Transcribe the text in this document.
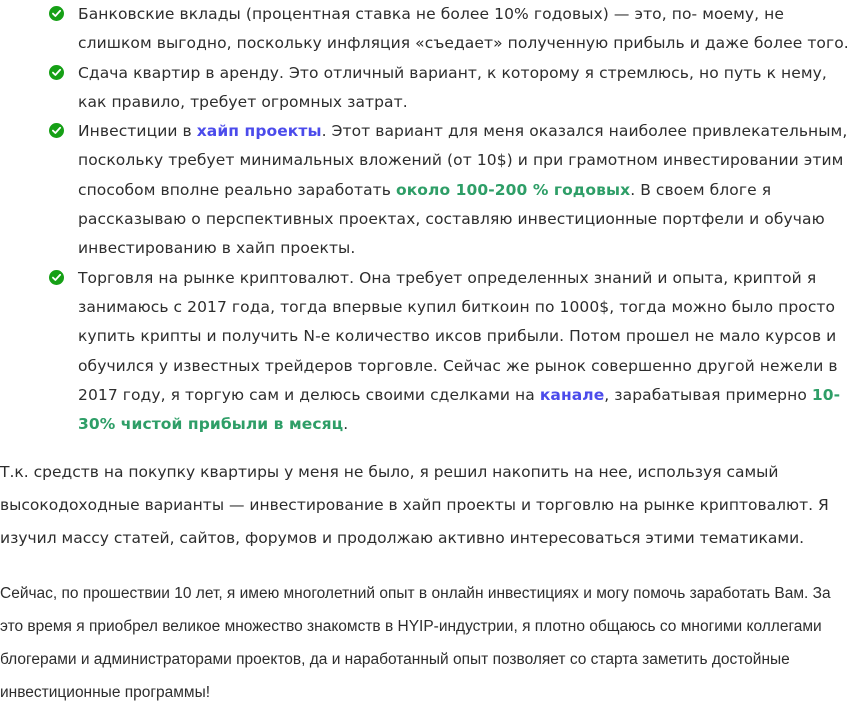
Банковские вклады (процентная ставка не более 10% годовых) — это, по- моему, не слишком выгодно, поскольку инфляция «съедает» полученную прибыль и даже более того.
Сдача квартир в аренду. Это отличный вариант, к которому я стремлюсь, но путь к нему, как правило, требует огромных затрат.
Инвестиции в хайп проекты. Этот вариант для меня оказался наиболее привлекательным, поскольку требует минимальных вложений (от 10$) и при грамотном инвестировании этим способом вполне реально заработать около 100-200 % годовых. В своем блоге я рассказываю о перспективных проектах, составляю инвестиционные портфели и обучаю инвестированию в хайп проекты.
Торговля на рынке криптовалют. Она требует определенных знаний и опыта, криптой я занимаюсь с 2017 года, тогда впервые купил биткоин по 1000$, тогда можно было просто купить крипты и получить N-е количество иксов прибыли. Потом прошел не мало курсов и обучился у известных трейдеров торговле. Сейчас же рынок совершенно другой нежели в 2017 году, я торгую сам и делюсь своими сделками на канале, зарабатывая примерно 10-30% чистой прибыли в месяц.

Т.к. средств на покупку квартиры у меня не было, я решил накопить на нее, используя самый высокодоходные варианты — инвестирование в хайп проекты и торговлю на рынке криптовалют. Я изучил массу статей, сайтов, форумов и продолжаю активно интересоваться этими тематиками.

Сейчас, по прошествии 10 лет, я имею многолетний опыт в онлайн инвестициях и могу помочь заработать Вам. За это время я приобрел великое множество знакомств в HYIP-индустрии, я плотно общаюсь со многими коллегами блогерами и администраторами проектов, да и наработанный опыт позволяет со старта заметить достойные инвестиционные программы!
